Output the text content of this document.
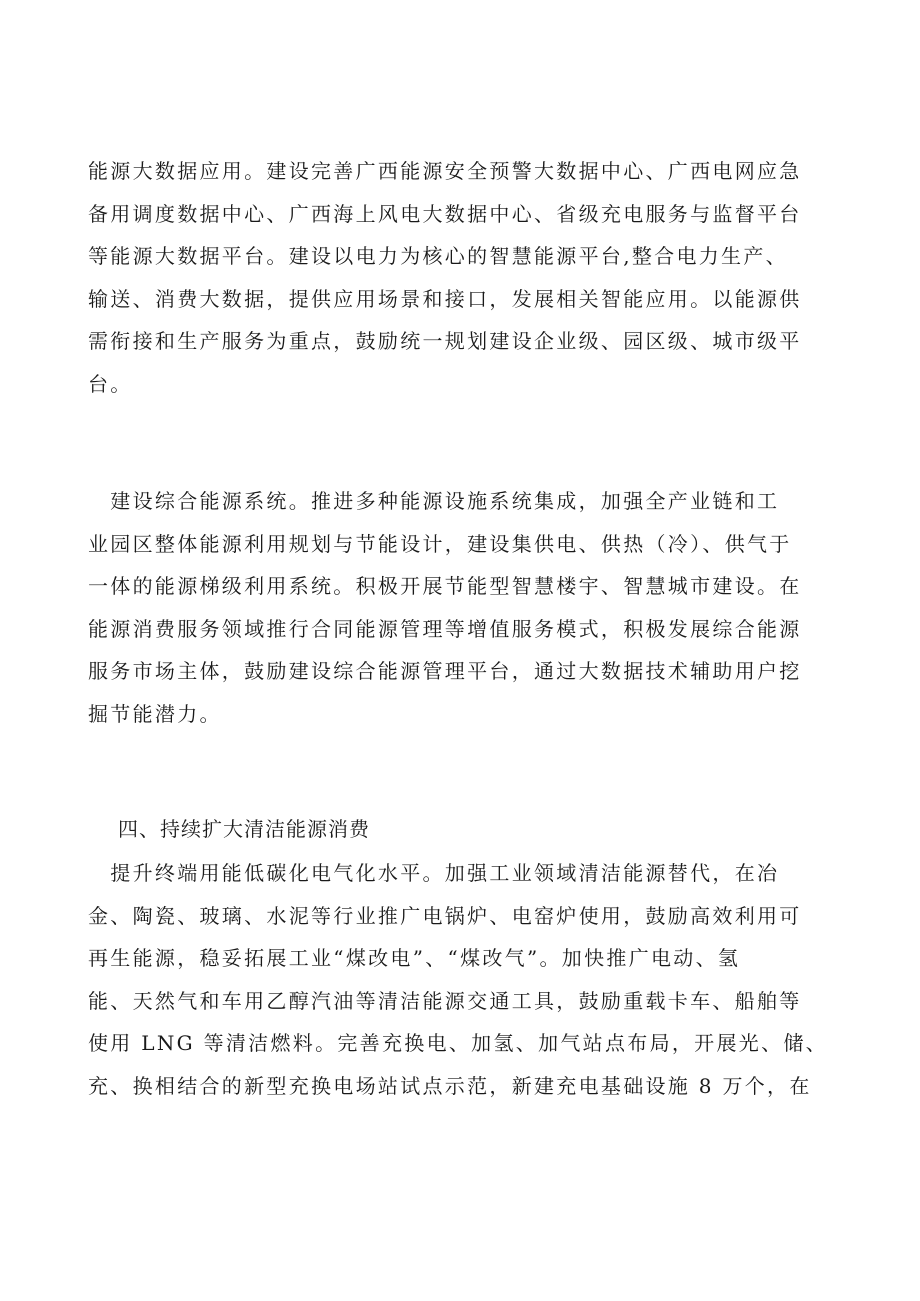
能源大数据应用。建设完善广西能源安全预警大数据中心、广西电网应急
备用调度数据中心、广西海上风电大数据中心、省级充电服务与监督平台
等能源大数据平台。建设以电力为核心的智慧能源平台,整合电力生产、
输送、消费大数据，提供应用场景和接口，发展相关智能应用。以能源供
需衔接和生产服务为重点，鼓励统一规划建设企业级、园区级、城市级平
台。
　建设综合能源系统。推进多种能源设施系统集成，加强全产业链和工
业园区整体能源利用规划与节能设计，建设集供电、供热（冷）、供气于
一体的能源梯级利用系统。积极开展节能型智慧楼宇、智慧城市建设。在
能源消费服务领域推行合同能源管理等增值服务模式，积极发展综合能源
服务市场主体，鼓励建设综合能源管理平台，通过大数据技术辅助用户挖
掘节能潜力。
四、持续扩大清洁能源消费
　提升终端用能低碳化电气化水平。加强工业领域清洁能源替代，在冶
金、陶瓷、玻璃、水泥等行业推广电锅炉、电窑炉使用，鼓励高效利用可
再生能源，稳妥拓展工业“煤改电”、“煤改气”。加快推广电动、氢
能、天然气和车用乙醇汽油等清洁能源交通工具，鼓励重载卡车、船舶等
使用 LNG 等清洁燃料。完善充换电、加氢、加气站点布局，开展光、储、
充、换相结合的新型充换电场站试点示范，新建充电基础设施 8 万个，在
